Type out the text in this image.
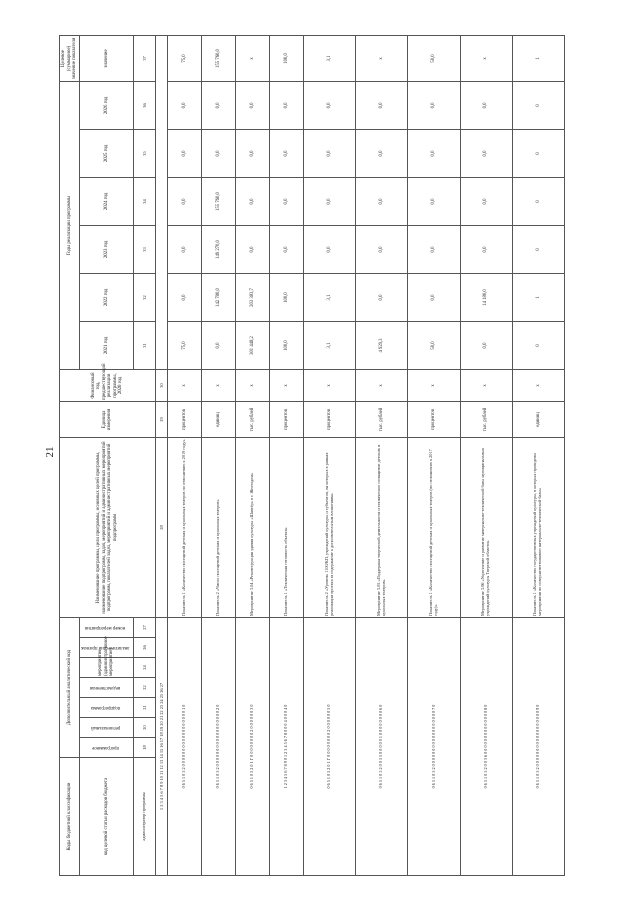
21
Коды бюджетной классификации	Дополнительный аналитический код							Наименование программы, цели программы, основных целей программы, наименование подпрограмм, задач, мероприятий и административных мероприятий подпрограмм, показателей задач, мероприятий и административных мероприятий подпрограмм	Единица измерения	Финансовый год, предшествующий реализации программы, 2020 год	Годы реализации программы						Целевое (суммарное) значение показателя
код целевой статьи расходов бюджета	программное	региональный	подпрограмма	ведомственная	мероприятие (административное мероприятие)	аналитический признак	номер мероприятия				2021 год	2022 год	2023 год	2024 год	2025 год	2026 год	значение
администратор программы	18	20	21	22	24	26	27				31	32	33	34	35	36	37
1 2 3 4 5 6 7 8 9 10 11 12 13 14 15 16 17 18 19 20 21 22 23 24 25 26 27								28	29	30							
0 6 5 1 0 5 2 0 0 0 0 0 0 0 0 0 0 0 0 0 0 0 0 0 0 1 0								Показатель 1 «Количество посещений детских и кукольных театров по отношению к 2019 году»	процентов	x	75,0	0,0	0,0	0,0	0,0	0,0	75,0
0 6 5 1 0 5 2 0 0 0 0 0 0 0 0 0 0 0 0 0 0 0 0 0 0 2 0								Показатель 2 «Число посещений детских и кукольных театров»	единиц	x	0,0	142 780,0	149 270,0	155 760,0	0,0	0,0	155 760,0
0 6 5 1 0 5 2 0 1 Г 0 0 0 0 0 0 0 0 2 0 0 0 0 0 0 3 0								Мероприятие 3.04 «Реконструкция здания культуры «Шахтёр» в г. Желтодом»	тыс. рублей	x	301 448,2	203 383,7	0,0	0,0	0,0	0,0	x
1 2 3 4 5 6 7 8 9 0 1 2 3 4 5 6 7 8 0 0 0 4 0 0 0 4 0								Показатель 1 «Техническая готовность объекта»	процентов	x	100,0	100,0	0,0	0,0	0,0	0,0	100,0
0 6 5 1 0 5 2 0 1 Г 0 0 0 0 0 0 0 0 2 0 0 0 0 0 0 5 0								Показатель 2 «Уровень 1100/КП, учреждений культуры и субъектов, на которых в рамках реализации проекта за содержание к дополнительным вложениям»	процентов	x	3,1	3,1	0,0	0,0	0,0	0,0	3,1
0 6 5 1 0 5 2 0 0 3 5 0 0 0 0 0 1 0 0 0 0 0 0 0 0 6 0								Мероприятие 3.05 «Поддержка творческой деятельности и техническое оснащение детских и кукольных театров»	тыс. рублей	x	4 929,3	0,0	0,0	0,0	0,0	0,0	x
0 6 5 1 0 5 2 0 0 0 0 0 0 0 0 0 0 0 0 0 0 0 0 0 0 7 0								Показатель 1 «Количество посещений детских и кукольных театров (по отношению к 2017 году)»	процентов	x	50,0	0,0	0,0	0,0	0,0	0,0	50,0
0 6 5 1 0 5 2 0 0 3 6 0 0 0 0 0 0 0 0 0 0 0 0 0 0 8 0								Мероприятие 3.06 «Укрепление и развитие материально-технической базы муниципальных учреждений культуры Тверской области»	тыс. рублей	x	0,0	14 180,0	0,0	0,0	0,0	0,0	x
0 6 5 1 0 5 2 0 0 0 0 0 0 0 0 0 0 0 0 0 0 0 0 0 0 9 0								Показатель 1 «Количество государственных учреждений культуры, в которых проведены мероприятия по совершенствованию материально-технической базы»	единиц	x	0	1	0	0	0	0	1
